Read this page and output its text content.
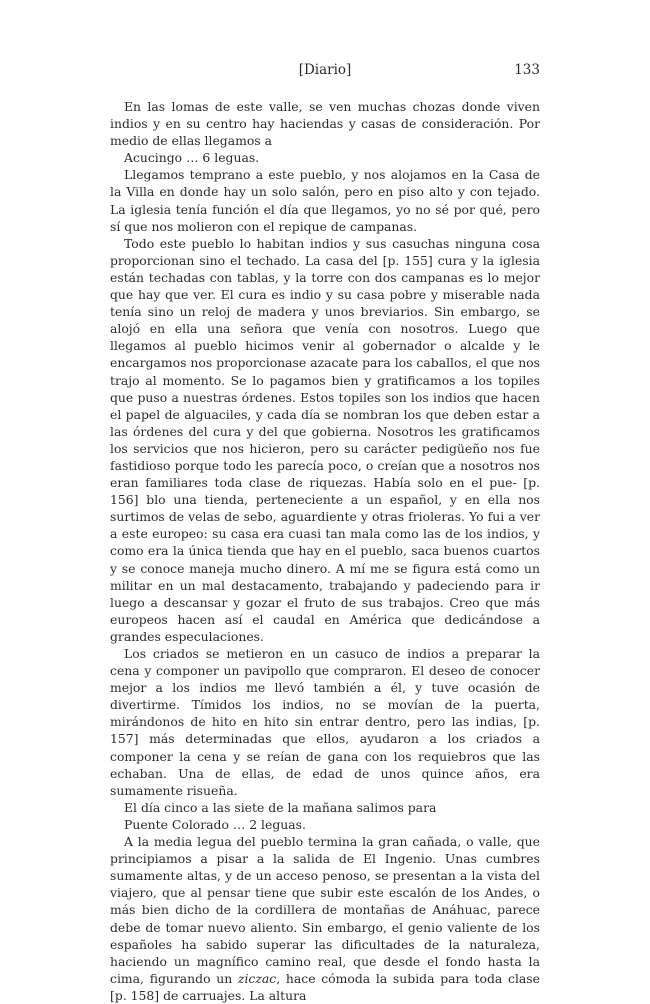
[Diario]	133

En las lomas de este valle, se ven muchas chozas donde viven indios y en su centro hay haciendas y casas de consideración. Por medio de ellas llegamos a

Acucingo … 6 leguas.

Llegamos temprano a este pueblo, y nos alojamos en la Casa de la Villa en donde hay un solo salón, pero en piso alto y con tejado. La iglesia tenía función el día que llegamos, yo no sé por qué, pero sí que nos molieron con el repique de campanas.

Todo este pueblo lo habitan indios y sus casuchas ninguna cosa proporcionan sino el techado. La casa del [p. 155] cura y la iglesia están techadas con tablas, y la torre con dos campanas es lo mejor que hay que ver. El cura es indio y su casa pobre y miserable nada tenía sino un reloj de madera y unos breviarios. Sin embargo, se alojó en ella una señora que venía con nosotros. Luego que llegamos al pueblo hicimos venir al gobernador o alcalde y le encargamos nos proporcionase azacate para los caballos, el que nos trajo al momento. Se lo pagamos bien y gratificamos a los topiles que puso a nuestras órdenes. Estos topiles son los indios que hacen el papel de alguaciles, y cada día se nombran los que deben estar a las órdenes del cura y del que gobierna. Nosotros les gratificamos los servicios que nos hicieron, pero su carácter pedigüeño nos fue fastidioso porque todo les parecía poco, o creían que a nosotros nos eran familiares toda clase de riquezas. Había solo en el pue- [p. 156] blo una tienda, perteneciente a un español, y en ella nos surtimos de velas de sebo, aguardiente y otras frioleras. Yo fui a ver a este europeo: su casa era cuasi tan mala como las de los indios, y como era la única tienda que hay en el pueblo, saca buenos cuartos y se conoce maneja mucho dinero. A mí me se figura está como un militar en un mal destacamento, trabajando y padeciendo para ir luego a descansar y gozar el fruto de sus trabajos. Creo que más europeos hacen así el caudal en América que dedicándose a grandes especulaciones.

Los criados se metieron en un casuco de indios a preparar la cena y componer un pavipollo que compraron. El deseo de conocer mejor a los indios me llevó también a él, y tuve ocasión de divertirme. Tímidos los indios, no se movían de la puerta, mirándonos de hito en hito sin entrar dentro, pero las indias, [p. 157] más determinadas que ellos, ayudaron a los criados a componer la cena y se reían de gana con los requiebros que las echaban. Una de ellas, de edad de unos quince años, era sumamente risueña.

El día cinco a las siete de la mañana salimos para

Puente Colorado … 2 leguas.

A la media legua del pueblo termina la gran cañada, o valle, que principiamos a pisar a la salida de El Ingenio. Unas cumbres sumamente altas, y de un acceso penoso, se presentan a la vista del viajero, que al pensar tiene que subir este escalón de los Andes, o más bien dicho de la cordillera de montañas de Anáhuac, parece debe de tomar nuevo aliento. Sin embargo, el genio valiente de los españoles ha sabido superar las dificultades de la naturaleza, haciendo un magnífico camino real, que desde el fondo hasta la cima, figurando un ziczac, hace cómoda la subida para toda clase [p. 158] de carruajes. La altura
